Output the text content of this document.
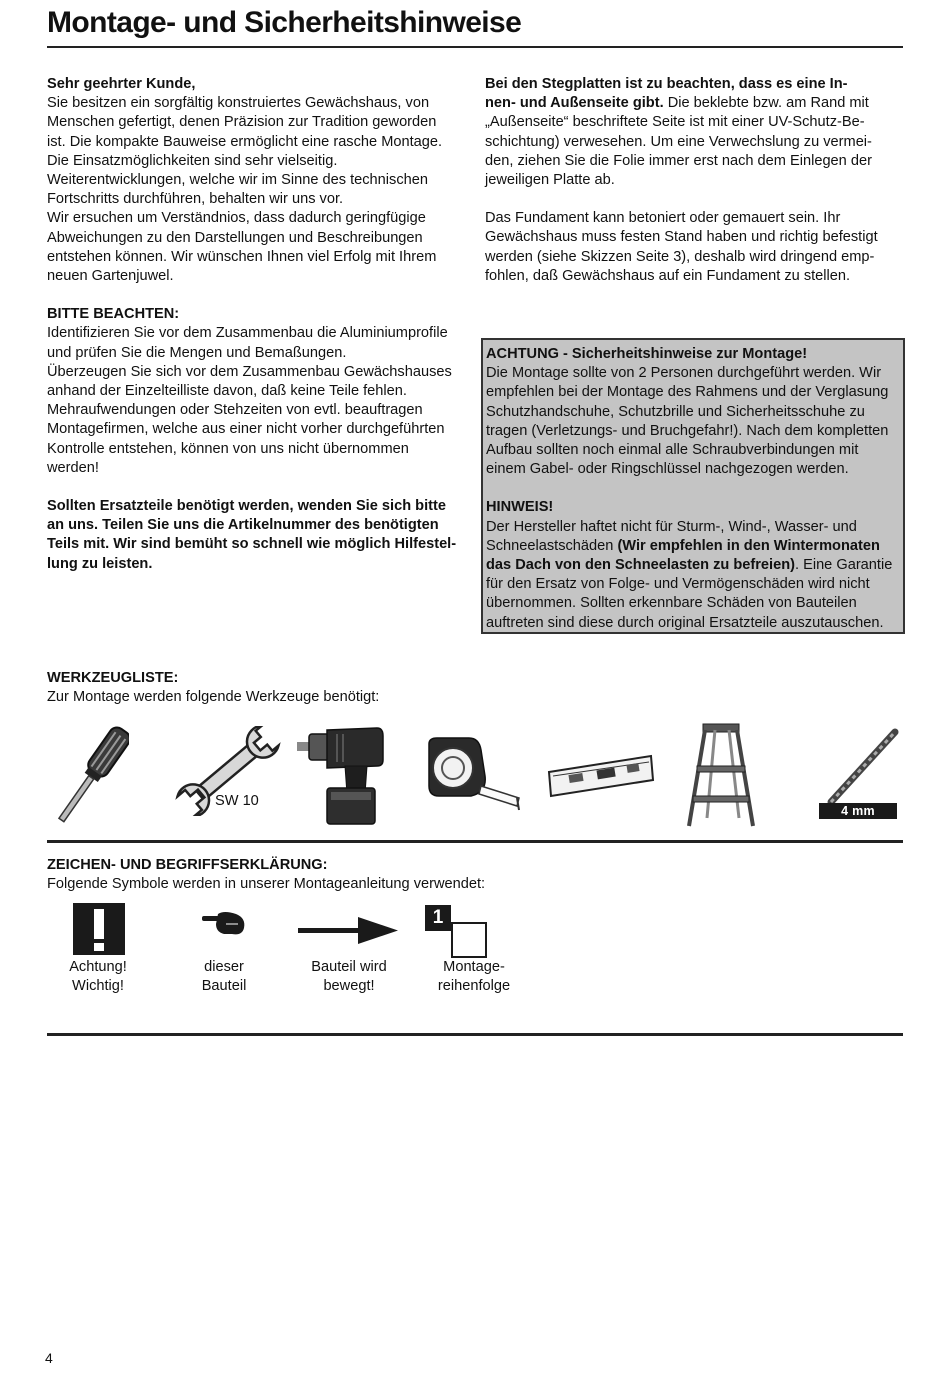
Montage- und Sicherheitshinweise

Sehr geehrter Kunde,

Sie besitzen ein sorgfältig konstruiertes Gewächshaus, von

Menschen gefertigt, denen Präzision zur Tradition geworden

ist. Die kompakte Bauweise ermöglicht eine rasche Montage.

Die Einsatzmöglichkeiten sind sehr vielseitig.

Weiterentwicklungen, welche wir im Sinne des technischen

Fortschritts durchführen, behalten wir uns vor.

Wir ersuchen um Verständnios, dass dadurch geringfügige

Abweichungen zu den Darstellungen und Beschreibungen

entstehen können. Wir wünschen Ihnen viel Erfolg mit Ihrem

neuen Gartenjuwel.

BITTE BEACHTEN:

Identifizieren Sie vor dem Zusammenbau die Aluminiumprofile

und prüfen Sie die Mengen und Bemaßungen.

Überzeugen Sie sich vor dem Zusammenbau Gewächshauses

anhand der Einzelteilliste davon, daß keine Teile fehlen.

Mehraufwendungen oder Stehzeiten von evtl. beauftragen

Montagefirmen, welche aus einer nicht vorher durchgeführten

Kontrolle entstehen, können von uns nicht übernommen

werden!

Sollten Ersatzteile benötigt werden, wenden Sie sich bitte

an uns. Teilen Sie uns die Artikelnummer des benötigten

Teils mit. Wir sind bemüht so schnell wie möglich Hilfestel-

lung zu leisten.

Bei den Stegplatten ist zu beachten, dass es eine In-

nen- und Außenseite gibt. Die beklebte bzw. am Rand mit

„Außenseite“ beschriftete Seite ist mit einer UV-Schutz-Be-

schichtung) verwesehen. Um eine Verwechslung zu vermei-

den, ziehen Sie die Folie immer erst nach dem Einlegen der

jeweiligen Platte ab.

Das Fundament kann betoniert oder gemauert sein. Ihr

Gewächshaus muss festen Stand haben und richtig befestigt

werden (siehe Skizzen Seite 3), deshalb wird dringend emp-

fohlen, daß Gewächshaus auf ein Fundament zu stellen.

ACHTUNG - Sicherheitshinweise zur Montage!

Die Montage sollte von 2 Personen durchgeführt werden. Wir

empfehlen bei der Montage des Rahmens und der Verglasung

Schutzhandschuhe, Schutzbrille und Sicherheitsschuhe zu

tragen (Verletzungs- und Bruchgefahr!). Nach dem kompletten

Aufbau sollten noch einmal alle Schraubverbindungen mit

einem Gabel- oder Ringschlüssel nachgezogen werden.

HINWEIS!

Der Hersteller haftet nicht für Sturm-, Wind-, Wasser- und

Schneelastschäden (Wir empfehlen in den Wintermonaten

das Dach von den Schneelasten zu befreien). Eine Garantie

für den Ersatz von Folge- und Vermögenschäden wird nicht

übernommen. Sollten erkennbare Schäden von Bauteilen

auftreten sind diese durch original Ersatzteile auszutauschen.

WERKZEUGLISTE:
Zur Montage werden folgende Werkzeuge benötigt:
SW 10
4 mm
ZEICHEN- UND BEGRIFFSERKLÄRUNG:
Folgende Symbole werden in unserer Montageanleitung verwendet:
Achtung!
Wichtig!
dieser
Bauteil
Bauteil wird
bewegt!
1
Montage-
reihenfolge
4
